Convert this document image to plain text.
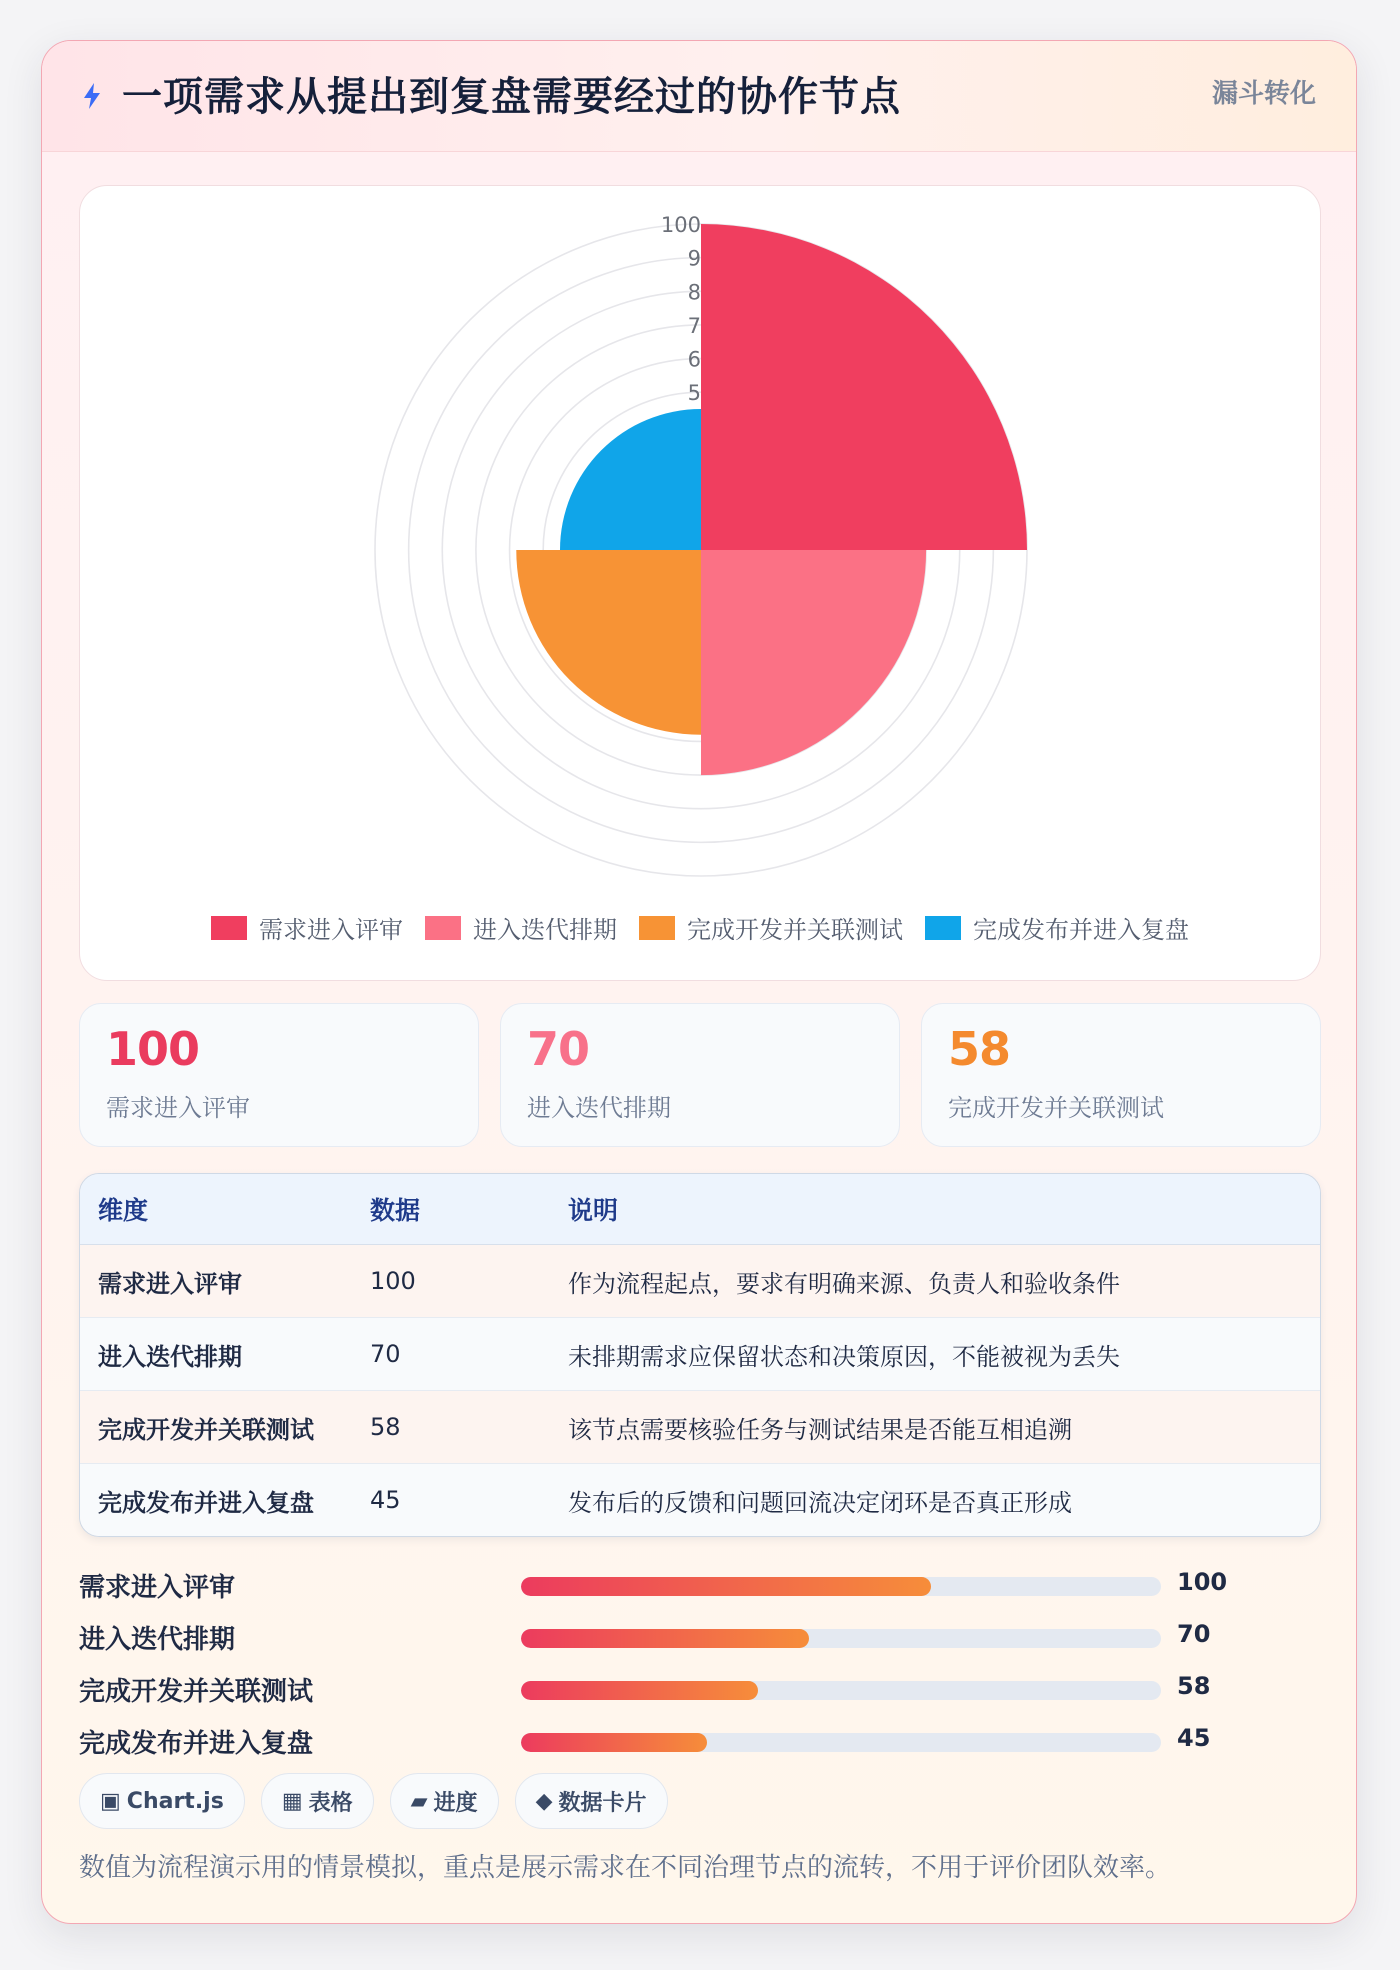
一项需求从提出到复盘需要经过的协作节点	漏斗转化
100
9
8
7
6
5
需求进入评审	进入迭代排期	完成开发并关联测试	完成发布并进入复盘
100
需求进入评审
70
进入迭代排期
58
完成开发并关联测试
维度	数据	说明
需求进入评审	100	作为流程起点，要求有明确来源、负责人和验收条件
进入迭代排期	70	未排期需求应保留状态和决策原因，不能被视为丢失
完成开发并关联测试	58	该节点需要核验任务与测试结果是否能互相追溯
完成发布并进入复盘	45	发布后的反馈和问题回流决定闭环是否真正形成
需求进入评审	100
进入迭代排期	70
完成开发并关联测试	58
完成发布并进入复盘	45
▣ Chart.js	▦ 表格	▰ 进度	◆ 数据卡片
数值为流程演示用的情景模拟，重点是展示需求在不同治理节点的流转，不用于评价团队效率。
